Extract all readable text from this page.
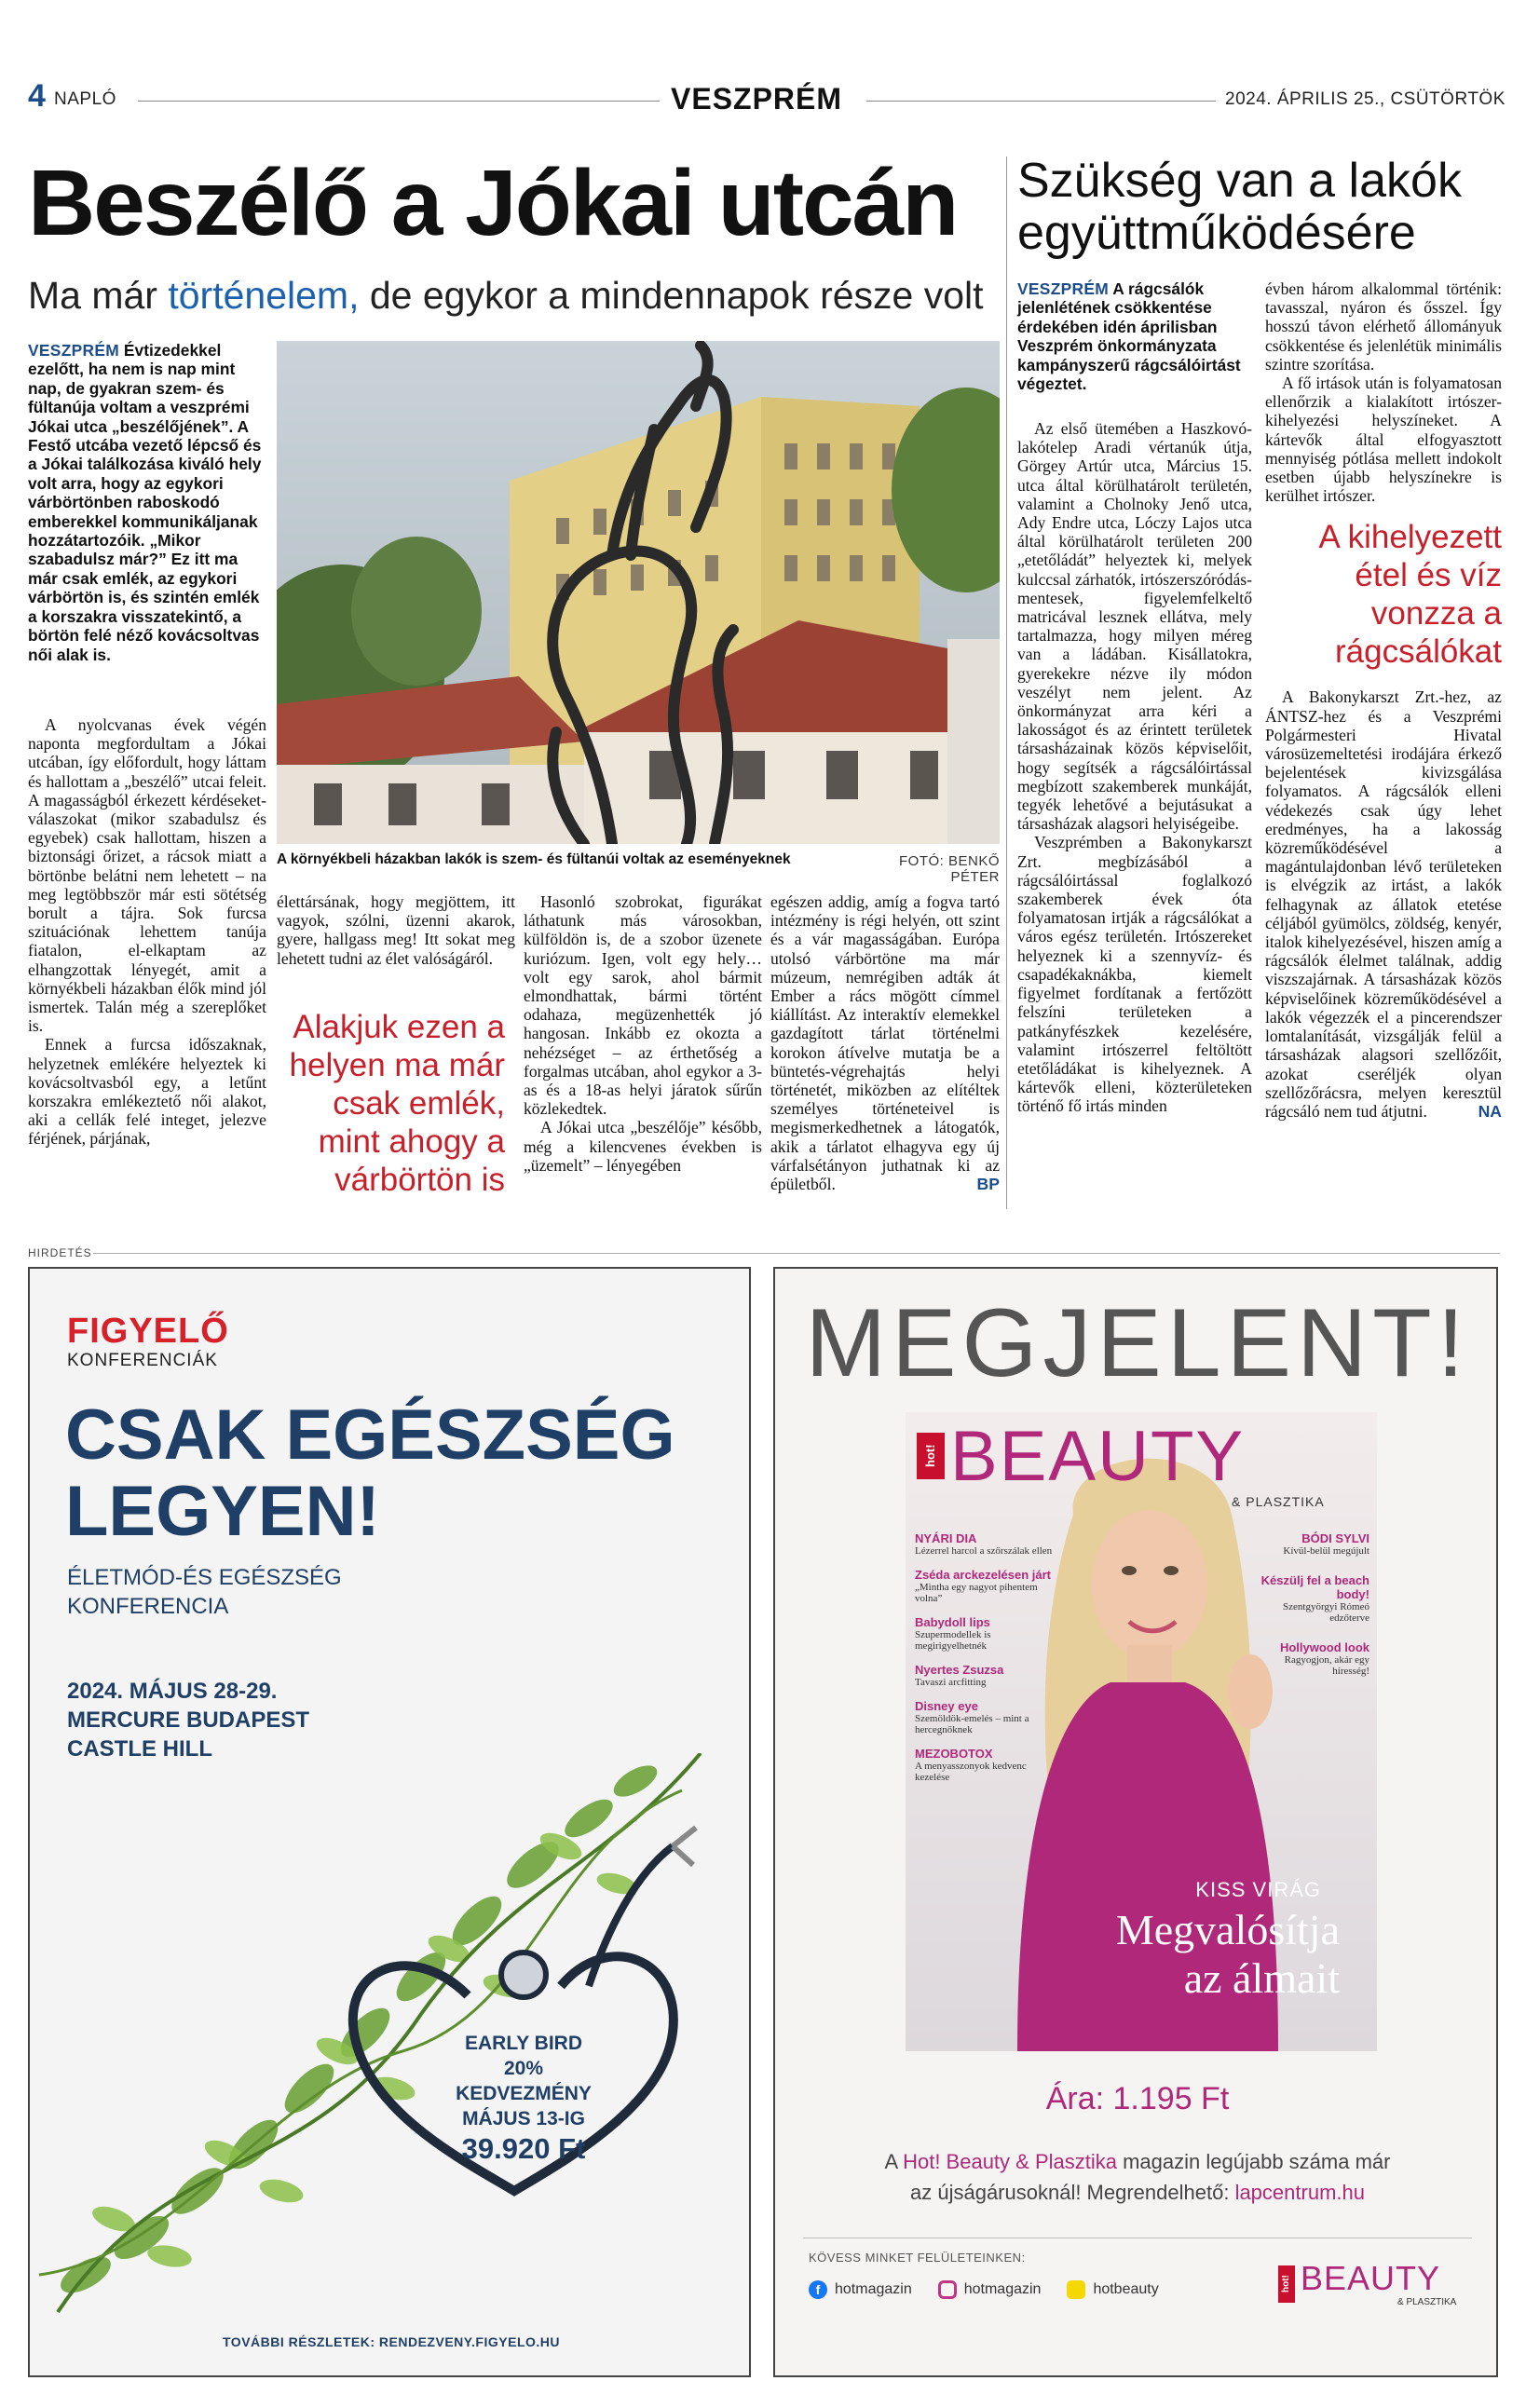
4 NAPLÓ	VESZPRÉM	2024. ÁPRILIS 25., CSÜTÖRTÖK
Beszélő a Jókai utcán
Ma már történelem, de egykor a mindennapok része volt
VESZPRÉM Évtizedekkel ezelőtt, ha nem is nap mint nap, de gyakran szem- és fültanúja voltam a veszprémi Jókai utca „beszélőjének”. A Festő utcába vezető lépcső és a Jókai találkozása kiváló hely volt arra, hogy az egykori várbörtönben raboskodó emberekkel kommunikáljanak hozzátartozóik. „Mikor szabadulsz már?” Ez itt ma már csak emlék, az egykori várbörtön is, és szintén emlék a korszakra visszatekintő, a börtön felé néző kovácsoltvas női alak is.

A nyolcvanas évek végén naponta megfordultam a Jókai utcában, így előfordult, hogy láttam és hallottam a „beszélő” utcai feleit. A magasságból érkezett kérdéseket-válaszokat (mikor szabadulsz és egyebek) csak hallottam, hiszen a biztonsági őrizet, a rácsok miatt a börtönbe belátni nem lehetett – na meg legtöbbször már esti sötétség borult a tájra. Sok furcsa szituációnak lehettem tanúja fiatalon, el-elkaptam az elhangzottak lényegét, amit a környékbeli házakban élők mind jól ismertek. Talán még a szereplőket is.

Ennek a furcsa időszaknak, helyzetnek emlékére helyeztek ki kovácsoltvasból egy, a letűnt korszakra emlékeztető női alakot, aki a cellák felé integet, jelezve férjének, párjának,

A környékbeli házakban lakók is szem- és fültanúi voltak az eseményeknek	FOTÓ: BENKŐ PÉTER

élettársának, hogy megjöttem, itt vagyok, szólni, üzenni akarok, gyere, hallgass meg! Itt sokat meg lehetett tudni az élet valóságáról.

Alakjuk ezen a helyen ma már csak emlék, mint ahogy a várbörtön is

Hasonló szobrokat, figurákat láthatunk más városokban, külföldön is, de a szobor üzenete kuriózum. Igen, volt egy hely… volt egy sarok, ahol bármit elmondhattak, bármi történt odahaza, megüzenhették jó hangosan. Inkább ez okozta a nehézséget – az érthetőség a forgalmas utcában, ahol egykor a 3-as és a 18-as helyi járatok sűrűn közlekedtek.

A Jókai utca „beszélője” később, még a kilencvenes években is „üzemelt” – lényegében

egészen addig, amíg a fogva tartó intézmény is régi helyén, ott szint és a vár magasságában. Európa utolsó várbörtöne ma már múzeum, nemrégiben adták át Ember a rács mögött címmel kiállítást. Az interaktív elemekkel gazdagított tárlat történelmi korokon átívelve mutatja be a büntetés-végrehajtás helyi történetét, miközben az elítéltek személyes történeteivel is megismerkedhetnek a látogatók, akik a tárlatot elhagyva egy új várfalsétányon juthatnak ki az épületből.	BP
Szükség van a lakók együttműködésére
VESZPRÉM A rágcsálók jelenlétének csökkentése érdekében idén áprilisban Veszprém önkormányzata kampányszerű rágcsálóirtást végeztet.

Az első ütemében a Haszkovó-lakótelep Aradi vértanúk útja, Görgey Artúr utca, Március 15. utca által körülhatárolt területén, valamint a Cholnoky Jenő utca, Ady Endre utca, Lóczy Lajos utca által körülhatárolt területen 200 „etetőládát” helyeztek ki, melyek kulccsal zárhatók, irtószerszóródás-mentesek, figyelemfelkeltő matricával lesznek ellátva, mely tartalmazza, hogy milyen méreg van a ládában. Kisállatokra, gyerekekre nézve ily módon veszélyt nem jelent. Az önkormányzat arra kéri a lakosságot és az érintett területek társasházainak közös képviselőit, hogy segítsék a rágcsálóirtással megbízott szakemberek munkáját, tegyék lehetővé a bejutásukat a társasházak alagsori helyiségeibe.

Veszprémben a Bakonykarszt Zrt. megbízásából a rágcsálóirtással foglalkozó szakemberek évek óta folyamatosan irtják a rágcsálókat a város egész területén. Irtószereket helyeznek ki a szennyvíz- és csapadékaknákba, kiemelt figyelmet fordítanak a fertőzött felszíni területeken a patkányfészkek kezelésére, valamint irtószerrel feltöltött etetőládákat is kihelyeznek. A kártevők elleni, közterületeken történő fő irtás minden

évben három alkalommal történik: tavasszal, nyáron és ősszel. Így hosszú távon elérhető állományuk csökkentése és jelenlétük minimális szintre szorítása.

A fő irtások után is folyamatosan ellenőrzik a kialakított irtószer-kihelyezési helyszíneket. A kártevők által elfogyasztott mennyiség pótlása mellett indokolt esetben újabb helyszínekre is kerülhet irtószer.

A kihelyezett étel és víz vonzza a rágcsálókat

A Bakonykarszt Zrt.-hez, az ÁNTSZ-hez és a Veszprémi Polgármesteri Hivatal városüzemeltetési irodájára érkező bejelentések kivizsgálása folyamatos. A rágcsálók elleni védekezés csak úgy lehet eredményes, ha a lakosság közreműködésével a magántulajdonban lévő területeken is elvégzik az irtást, a lakók felhagynak az állatok etetése céljából gyümölcs, zöldség, kenyér, italok kihelyezésével, hiszen amíg a rágcsálók élelmet találnak, addig viszszajárnak. A társasházak közös képviselőinek közreműködésével a lakók végezzék el a pincerendszer lomtalanítását, vizsgálják felül a társasházak alagsori szellőzőit, azokat cseréljék olyan szellőzőrácsra, melyen keresztül rágcsáló nem tud átjutni.	NA
HIRDETÉS
FIGYELŐ
KONFERENCIÁK
CSAK EGÉSZSÉG
LEGYEN!
ÉLETMÓD-ÉS EGÉSZSÉG
KONFERENCIA
2024. MÁJUS 28-29.
MERCURE BUDAPEST
CASTLE HILL
EARLY BIRD
20% KEDVEZMÉNY
MÁJUS 13-IG
39.920 Ft
TOVÁBBI RÉSZLETEK: RENDEZVENY.FIGYELO.HU
MEGJELENT!
hot! BEAUTY
& PLASZTIKA
NYÁRI DIA
Lézerrel harcol a szőrszálak ellen
Zséda arckezelésen járt
„Mintha egy nagyot pihentem volna”
Babydoll lips
Szupermodellek is megirigyelhetnék
Nyertes Zsuzsa
Tavaszi arcfitting
Disney eye
Szemöldök-emelés – mint a hercegnőknek
MEZOBOTOX
A menyasszonyok kedvenc kezelése
BÓDI SYLVI
Kívül-belül megújult
Készülj fel a beach body!
Szentgyörgyi Rómeó edzőterve
Hollywood look
Ragyogjon, akár egy híresség!
KISS VIRÁG
Megvalósítja
az álmait
Ára: 1.195 Ft
A Hot! Beauty & Plasztika magazin legújabb száma már
az újságárusoknál! Megrendelhető: lapcentrum.hu
KÖVESS MINKET FELÜLETEINKEN:
f hotmagazin	hotmagazin	hotbeauty	hot! BEAUTY
& PLASZTIKA
